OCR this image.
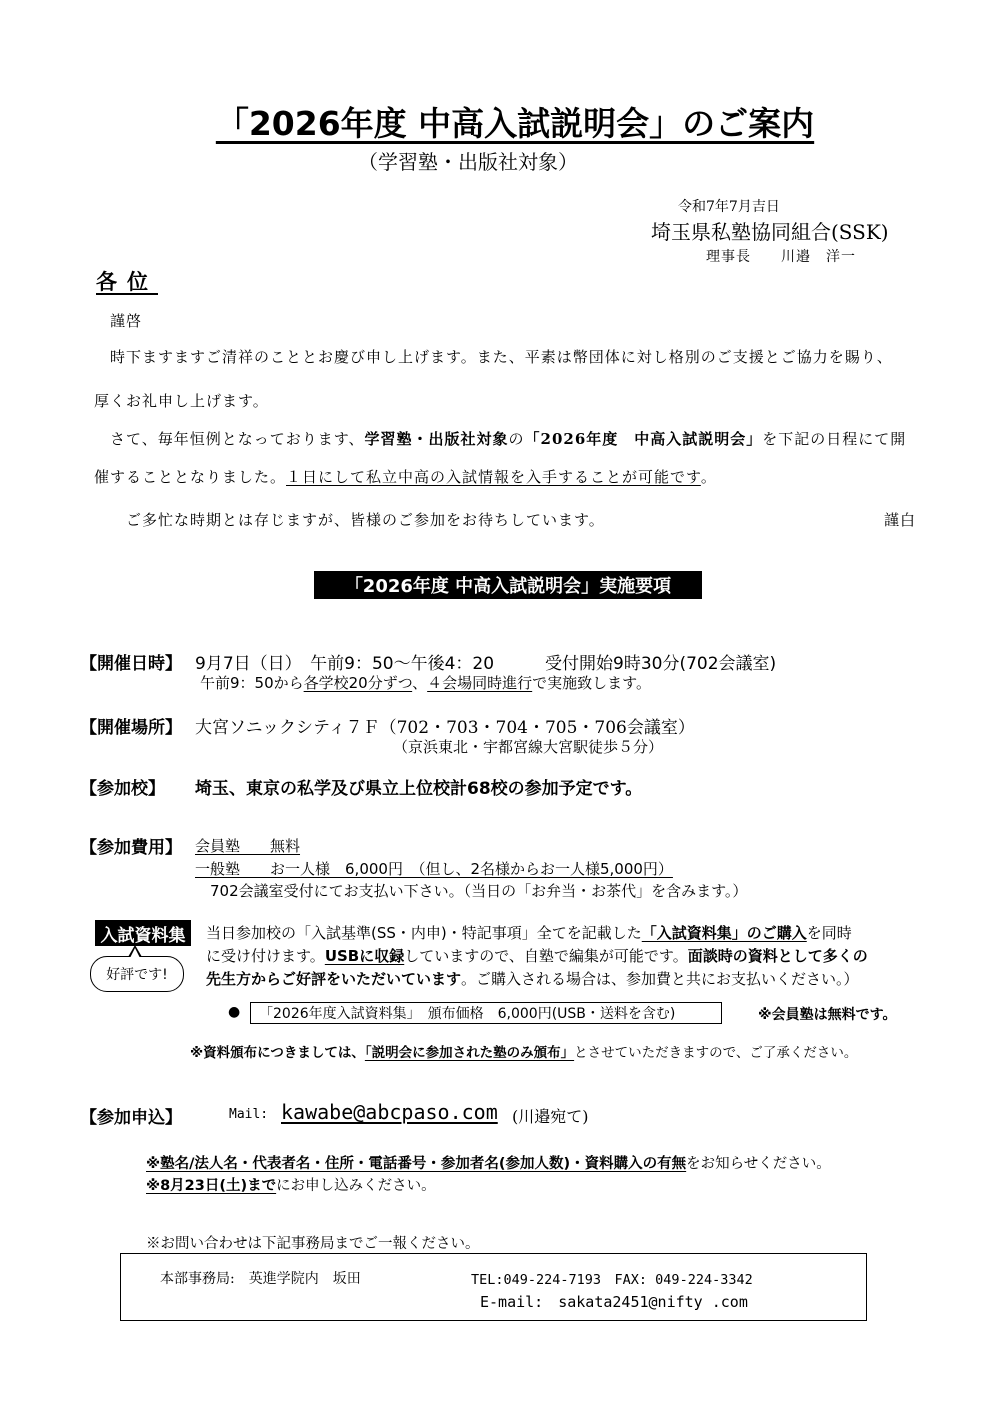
「2026年度 中高入試説明会」のご案内
（学習塾・出版社対象）
令和7年7月吉日
埼玉県私塾協同組合(SSK)
理事長　　川邉　洋一
各位
謹啓
時下ますますご清祥のこととお慶び申し上げます。また、平素は幣団体に対し格別のご支援とご協力を賜り、
厚くお礼申し上げます。
さて、毎年恒例となっております、学習塾・出版社対象の「2026年度　中高入試説明会」を下記の日程にて開
催することとなりました。１日にして私立中高の入試情報を入手することが可能です。
ご多忙な時期とは存じますが、皆様のご参加をお待ちしています。	謹白
「2026年度 中高入試説明会」実施要項
【開催日時】 9月7日（日）　午前9：50〜午後4：20　　　受付開始9時30分(702会議室)
午前9：50から各学校20分ずつ、４会場同時進行で実施致します。
【開催場所】 大宮ソニックシティ７Ｆ（702・703・704・705・706会議室）
（京浜東北・宇都宮線大宮駅徒歩５分）
【参加校】 埼玉、東京の私学及び県立上位校計68校の参加予定です。
【参加費用】 会員塾　　無料
一般塾　　お一人様　6,000円　（但し、2名様からお一人様5,000円）
702会議室受付にてお支払い下さい。（当日の「お弁当・お茶代」を含みます。）
入試資料集
好評です!
当日参加校の「入試基準(SS・内申)・特記事項」全てを記載した「入試資料集」のご購入を同時
に受け付けます。USBに収録していますので、自塾で編集が可能です。面談時の資料として多くの
先生方からご好評をいただいています。ご購入される場合は、参加費と共にお支払いください。）
●	「2026年度入試資料集」　頒布価格　6,000円(USB・送料を含む)	※会員塾は無料です。
※資料頒布につきましては、「説明会に参加された塾のみ頒布」とさせていただきますので、ご了承ください。
【参加申込】	Mail: kawabe@abcpaso.com (川邉宛て)
※塾名/法人名・代表者名・住所・電話番号・参加者名(参加人数)・資料購入の有無をお知らせください。
※8月23日(土)までにお申し込みください。
※お問い合わせは下記事務局までご一報ください。
本部事務局:　英進学院内　坂田	TEL:049-224-7193　FAX: 049-224-3342
E-mail:　sakata2451@nifty .com
